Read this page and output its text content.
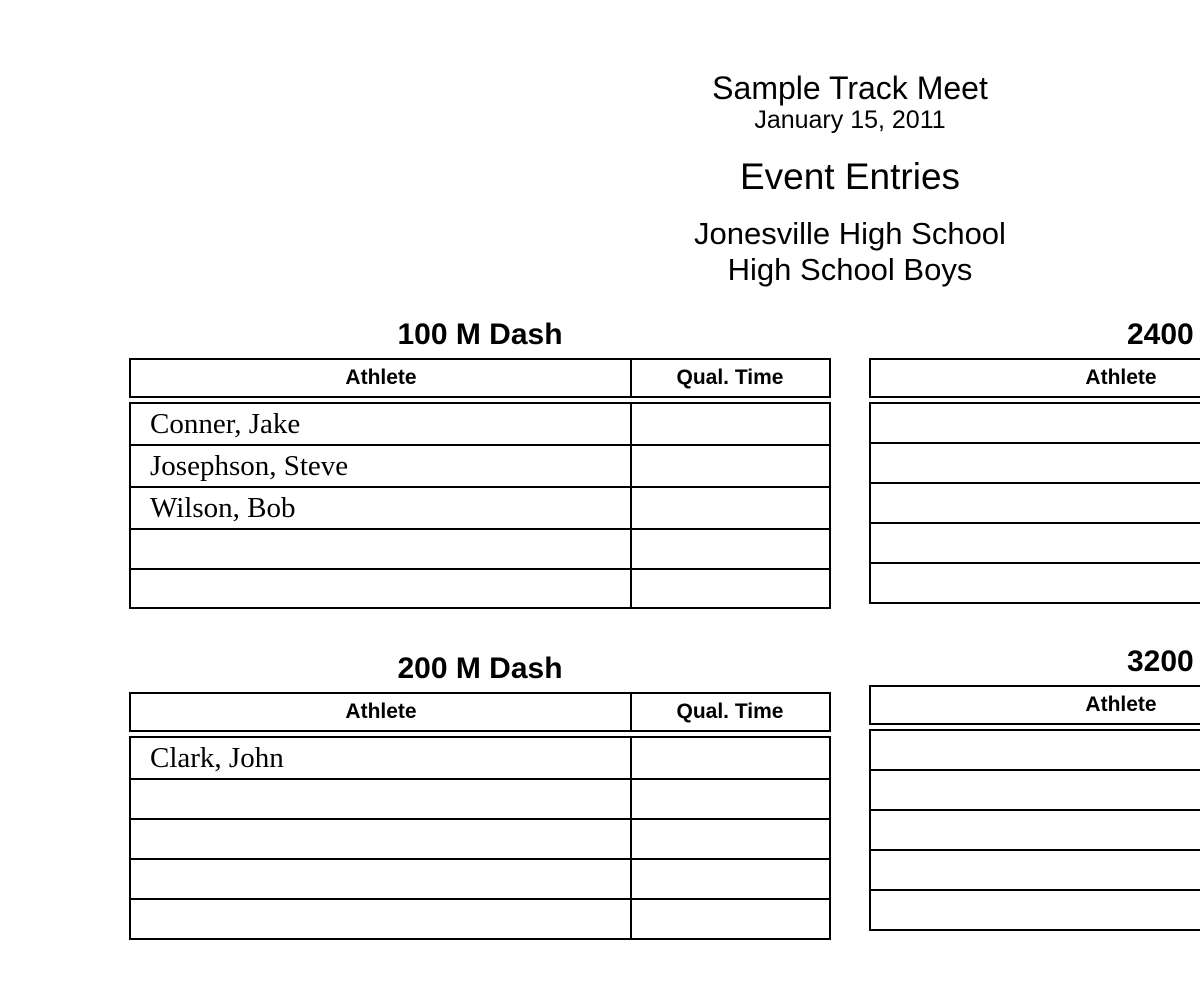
Sample Track Meet
January 15, 2011
Event Entries
Jonesville High School
High School Boys
100 M Dash
Athlete	Qual. Time
Conner, Jake
Josephson, Steve
Wilson, Bob
200 M Dash
Athlete	Qual. Time
Clark, John
2400
Athlete
3200
Athlete
